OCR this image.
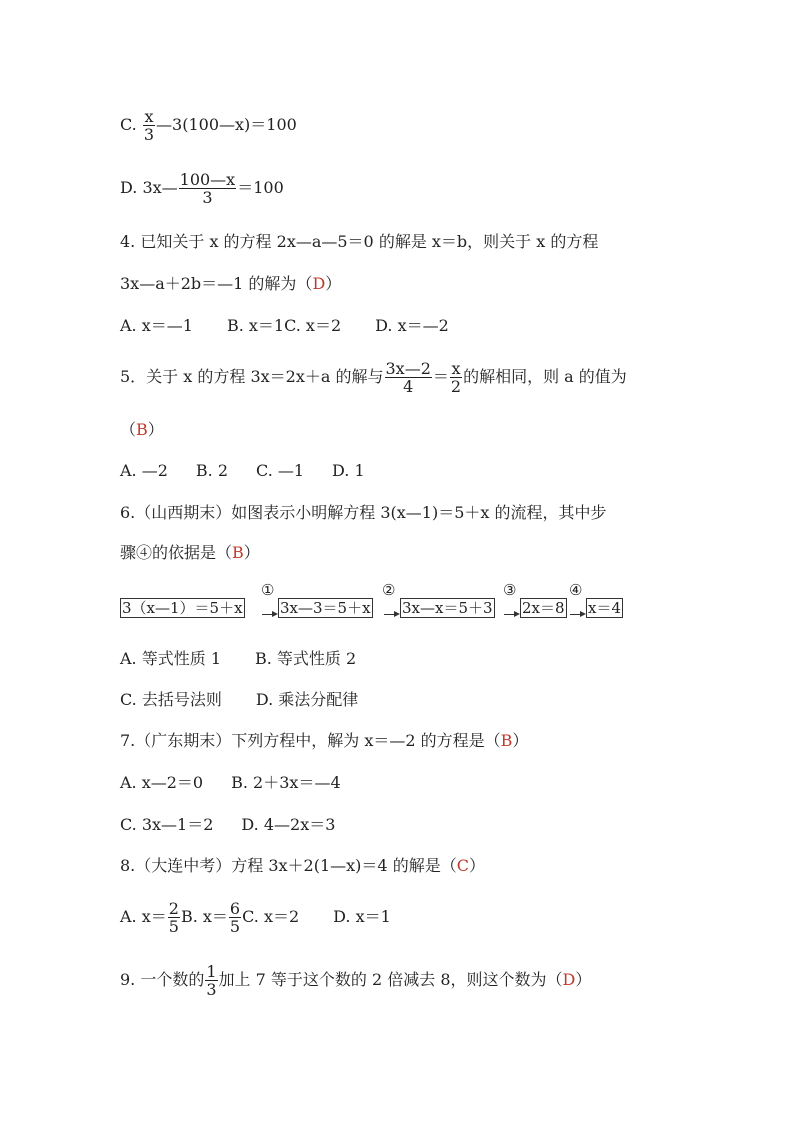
C. $\frac{x}{3}$ —3(100—x)＝100
D. 3x— $\frac{100—x}{3} =100$
4. 已知关于 x 的方程 2x—a—5＝0 的解是 x＝b，则关于 x 的方程
3x—a＋2b＝—1 的解为（D）
A. x＝—1 B. x＝1C. x＝2 D. x＝—2
5．关于 x 的方程 3x＝2x＋a 的解与 $\frac{3x—2}{4} = \frac{x}{2}$ 的解相同，则 a 的值为
（B）
A. —2 B. 2 C. —1 D. 1
6.（山西期末）如图表示小明解方程 3(x—1)＝5＋x 的流程，其中步
骤④的依据是（B）
3（x—1）＝5＋x
①
3x—3＝5＋x
②
3x—x＝5＋3
③
2x＝8
④
x＝4
A. 等式性质 1 B. 等式性质 2
C. 去括号法则 D. 乘法分配律
7.（广东期末）下列方程中，解为 x＝—2 的方程是（B）
A. x—2＝0 B. 2＋3x＝—4
C. 3x—1＝2 D. 4—2x＝3
8.（大连中考）方程 3x＋2(1—x)＝4 的解是（C）
A. $x= \frac{2}{5} B$. $x= \frac{6}{5} C$. x＝2 D. x＝1
9. 一个数的 $\frac{1}{3}$ 加上 7 等于这个数的 2 倍减去 8，则这个数为（D）
